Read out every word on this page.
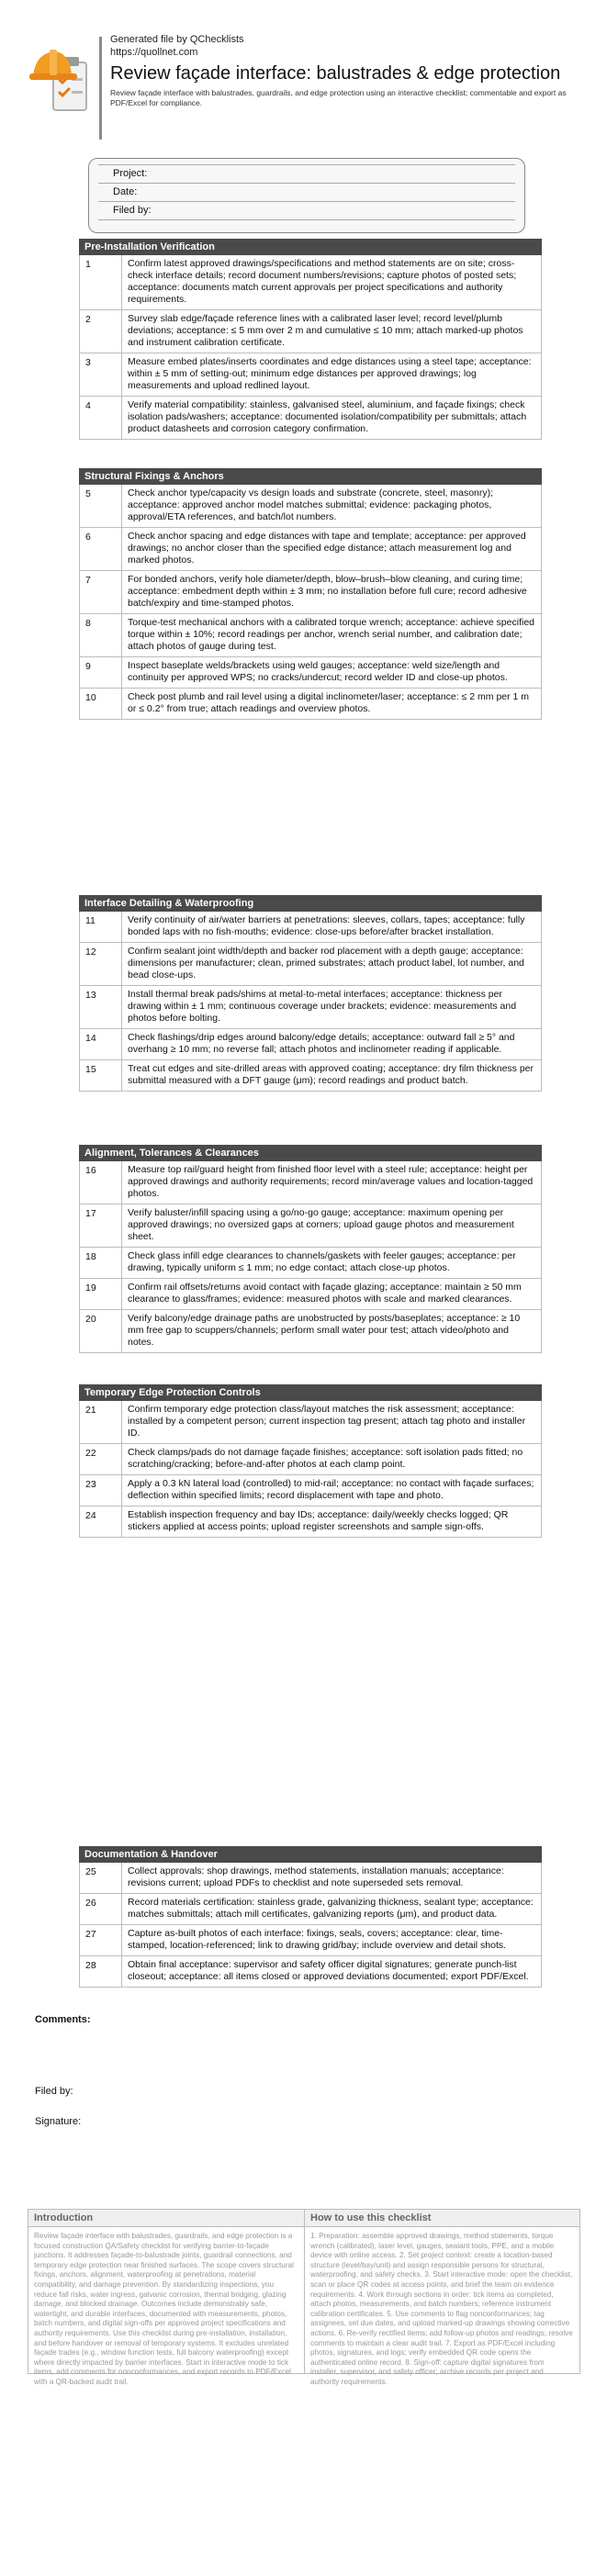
Generated file by QChecklists
https://quollnet.com
Review façade interface: balustrades & edge protection
Review façade interface with balustrades, guardrails, and edge protection using an interactive checklist; commentable and export as PDF/Excel for compliance.
Project:
Date:
Filed by:
Pre-Installation Verification
1	Confirm latest approved drawings/specifications and method statements are on site; cross-check interface details; record document numbers/revisions; capture photos of posted sets; acceptance: documents match current approvals per project specifications and authority requirements.
2	Survey slab edge/façade reference lines with a calibrated laser level; record level/plumb deviations; acceptance: ≤ 5 mm over 2 m and cumulative ≤ 10 mm; attach marked-up photos and instrument calibration certificate.
3	Measure embed plates/inserts coordinates and edge distances using a steel tape; acceptance: within ± 5 mm of setting-out; minimum edge distances per approved drawings; log measurements and upload redlined layout.
4	Verify material compatibility: stainless, galvanised steel, aluminium, and façade fixings; check isolation pads/washers; acceptance: documented isolation/compatibility per submittals; attach product datasheets and corrosion category confirmation.
Structural Fixings & Anchors
5	Check anchor type/capacity vs design loads and substrate (concrete, steel, masonry); acceptance: approved anchor model matches submittal; evidence: packaging photos, approval/ETA references, and batch/lot numbers.
6	Check anchor spacing and edge distances with tape and template; acceptance: per approved drawings; no anchor closer than the specified edge distance; attach measurement log and marked photos.
7	For bonded anchors, verify hole diameter/depth, blow–brush–blow cleaning, and curing time; acceptance: embedment depth within ± 3 mm; no installation before full cure; record adhesive batch/expiry and time-stamped photos.
8	Torque-test mechanical anchors with a calibrated torque wrench; acceptance: achieve specified torque within ± 10%; record readings per anchor, wrench serial number, and calibration date; attach photos of gauge during test.
9	Inspect baseplate welds/brackets using weld gauges; acceptance: weld size/length and continuity per approved WPS; no cracks/undercut; record welder ID and close-up photos.
10	Check post plumb and rail level using a digital inclinometer/laser; acceptance: ≤ 2 mm per 1 m or ≤ 0.2° from true; attach readings and overview photos.
Interface Detailing & Waterproofing
11	Verify continuity of air/water barriers at penetrations: sleeves, collars, tapes; acceptance: fully bonded laps with no fish-mouths; evidence: close-ups before/after bracket installation.
12	Confirm sealant joint width/depth and backer rod placement with a depth gauge; acceptance: dimensions per manufacturer; clean, primed substrates; attach product label, lot number, and bead close-ups.
13	Install thermal break pads/shims at metal-to-metal interfaces; acceptance: thickness per drawing within ± 1 mm; continuous coverage under brackets; evidence: measurements and photos before bolting.
14	Check flashings/drip edges around balcony/edge details; acceptance: outward fall ≥ 5° and overhang ≥ 10 mm; no reverse fall; attach photos and inclinometer reading if applicable.
15	Treat cut edges and site-drilled areas with approved coating; acceptance: dry film thickness per submittal measured with a DFT gauge (μm); record readings and product batch.
Alignment, Tolerances & Clearances
16	Measure top rail/guard height from finished floor level with a steel rule; acceptance: height per approved drawings and authority requirements; record min/average values and location-tagged photos.
17	Verify baluster/infill spacing using a go/no-go gauge; acceptance: maximum opening per approved drawings; no oversized gaps at corners; upload gauge photos and measurement sheet.
18	Check glass infill edge clearances to channels/gaskets with feeler gauges; acceptance: per drawing, typically uniform ≤ 1 mm; no edge contact; attach close-up photos.
19	Confirm rail offsets/returns avoid contact with façade glazing; acceptance: maintain ≥ 50 mm clearance to glass/frames; evidence: measured photos with scale and marked clearances.
20	Verify balcony/edge drainage paths are unobstructed by posts/baseplates; acceptance: ≥ 10 mm free gap to scuppers/channels; perform small water pour test; attach video/photo and notes.
Temporary Edge Protection Controls
21	Confirm temporary edge protection class/layout matches the risk assessment; acceptance: installed by a competent person; current inspection tag present; attach tag photo and installer ID.
22	Check clamps/pads do not damage façade finishes; acceptance: soft isolation pads fitted; no scratching/cracking; before-and-after photos at each clamp point.
23	Apply a 0.3 kN lateral load (controlled) to mid-rail; acceptance: no contact with façade surfaces; deflection within specified limits; record displacement with tape and photo.
24	Establish inspection frequency and bay IDs; acceptance: daily/weekly checks logged; QR stickers applied at access points; upload register screenshots and sample sign-offs.
Documentation & Handover
25	Collect approvals: shop drawings, method statements, installation manuals; acceptance: revisions current; upload PDFs to checklist and note superseded sets removal.
26	Record materials certification: stainless grade, galvanizing thickness, sealant type; acceptance: matches submittals; attach mill certificates, galvanizing reports (μm), and product data.
27	Capture as-built photos of each interface: fixings, seals, covers; acceptance: clear, time-stamped, location-referenced; link to drawing grid/bay; include overview and detail shots.
28	Obtain final acceptance: supervisor and safety officer digital signatures; generate punch-list closeout; acceptance: all items closed or approved deviations documented; export PDF/Excel.
Comments:
Filed by:
Signature:
Introduction
Review façade interface with balustrades, guardrails, and edge protection is a focused construction QA/Safety checklist for verifying barrier-to-façade junctions. It addresses façade-to-balustrade joints, guardrail connections, and temporary edge protection near finished surfaces. The scope covers structural fixings, anchors, alignment, waterproofing at penetrations, material compatibility, and damage prevention. By standardizing inspections, you reduce fall risks, water ingress, galvanic corrosion, thermal bridging, glazing damage, and blocked drainage. Outcomes include demonstrably safe, watertight, and durable interfaces, documented with measurements, photos, batch numbers, and digital sign-offs per approved project specifications and authority requirements. Use this checklist during pre-installation, installation, and before handover or removal of temporary systems. It excludes unrelated façade trades (e.g., window function tests, full balcony waterproofing) except where directly impacted by barrier interfaces. Start in interactive mode to tick items, add comments for nonconformances, and export records to PDF/Excel with a QR-backed audit trail.
How to use this checklist
1. Preparation: assemble approved drawings, method statements, torque wrench (calibrated), laser level, gauges, sealant tools, PPE, and a mobile device with online access. 2. Set project context: create a location-based structure (level/bay/unit) and assign responsible persons for structural, waterproofing, and safety checks. 3. Start interactive mode: open the checklist, scan or place QR codes at access points, and brief the team on evidence requirements. 4. Work through sections in order: tick items as completed, attach photos, measurements, and batch numbers; reference instrument calibration certificates. 5. Use comments to flag nonconformances; tag assignees, set due dates, and upload marked-up drawings showing corrective actions. 6. Re-verify rectified items; add follow-up photos and readings; resolve comments to maintain a clear audit trail. 7. Export as PDF/Excel including photos, signatures, and logs; verify embedded QR code opens the authenticated online record. 8. Sign-off: capture digital signatures from installer, supervisor, and safety officer; archive records per project and authority requirements.
